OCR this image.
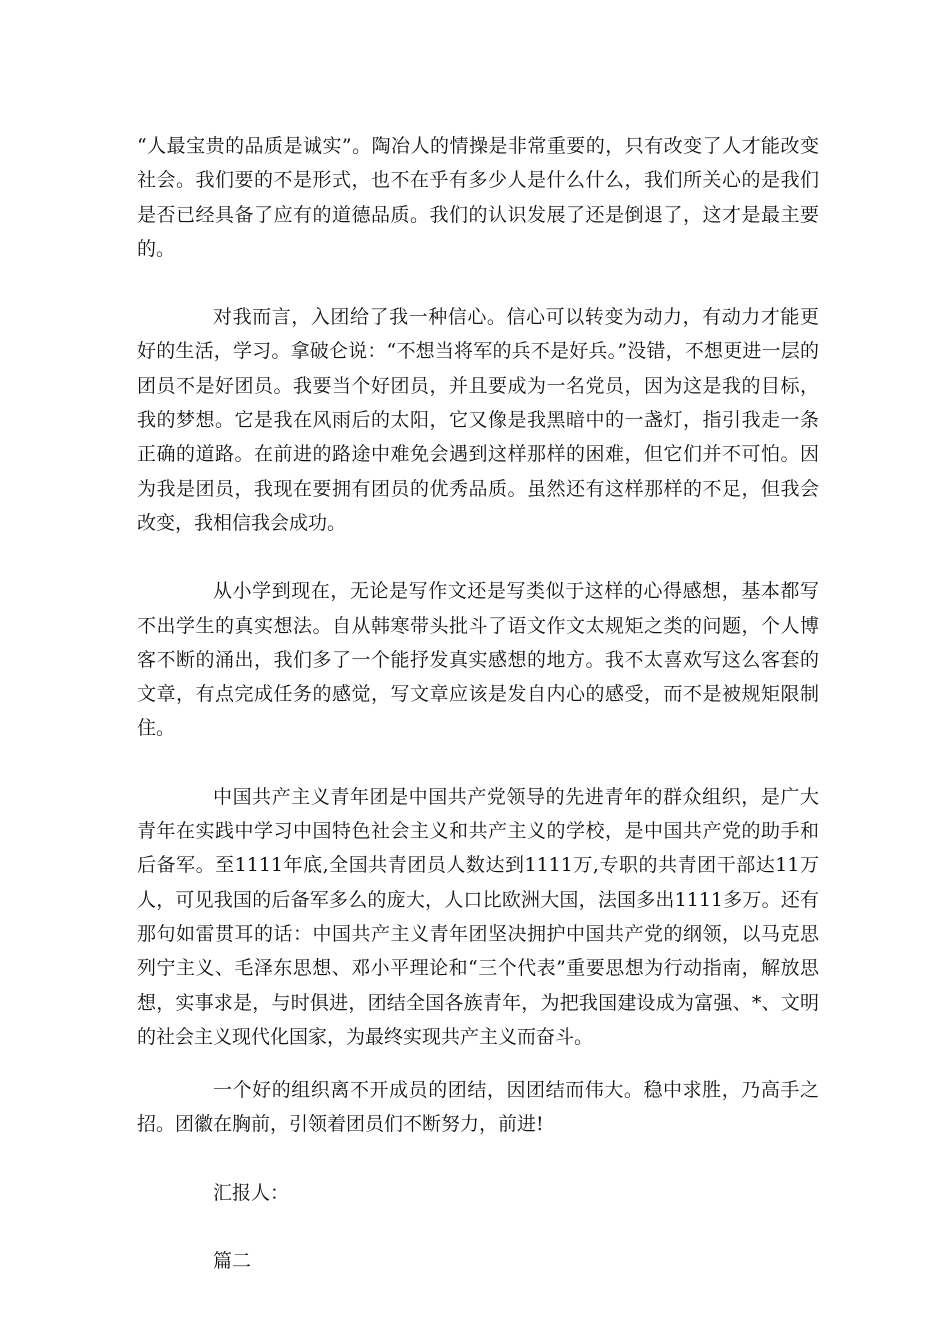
“人最宝贵的品质是诚实”。陶冶人的情操是非常重要的，只有改变了人才能改变社会。我们要的不是形式，也不在乎有多少人是什么什么，我们所关心的是我们是否已经具备了应有的道德品质。我们的认识发展了还是倒退了，这才是最主要的。

对我而言，入团给了我一种信心。信心可以转变为动力，有动力才能更好的生活，学习。拿破仑说：“不想当将军的兵不是好兵。”没错，不想更进一层的团员不是好团员。我要当个好团员，并且要成为一名党员，因为这是我的目标，我的梦想。它是我在风雨后的太阳，它又像是我黑暗中的一盏灯，指引我走一条正确的道路。在前进的路途中难免会遇到这样那样的困难，但它们并不可怕。因为我是团员，我现在要拥有团员的优秀品质。虽然还有这样那样的不足，但我会改变，我相信我会成功。

从小学到现在，无论是写作文还是写类似于这样的心得感想，基本都写不出学生的真实想法。自从韩寒带头批斗了语文作文太规矩之类的问题，个人博客不断的涌出，我们多了一个能抒发真实感想的地方。我不太喜欢写这么客套的文章，有点完成任务的感觉，写文章应该是发自内心的感受，而不是被规矩限制住。

中国共产主义青年团是中国共产党领导的先进青年的群众组织，是广大青年在实践中学习中国特色社会主义和共产主义的学校，是中国共产党的助手和后备军。至1111年底,全国共青团员人数达到1111万,专职的共青团干部达11万人，可见我国的后备军多么的庞大，人口比欧洲大国，法国多出1111多万。还有那句如雷贯耳的话：中国共产主义青年团坚决拥护中国共产党的纲领，以马克思列宁主义、毛泽东思想、邓小平理论和“三个代表”重要思想为行动指南，解放思想，实事求是，与时俱进，团结全国各族青年，为把我国建设成为富强、*、文明的社会主义现代化国家，为最终实现共产主义而奋斗。

一个好的组织离不开成员的团结，因团结而伟大。稳中求胜，乃高手之招。团徽在胸前，引领着团员们不断努力，前进!

汇报人：

篇二
